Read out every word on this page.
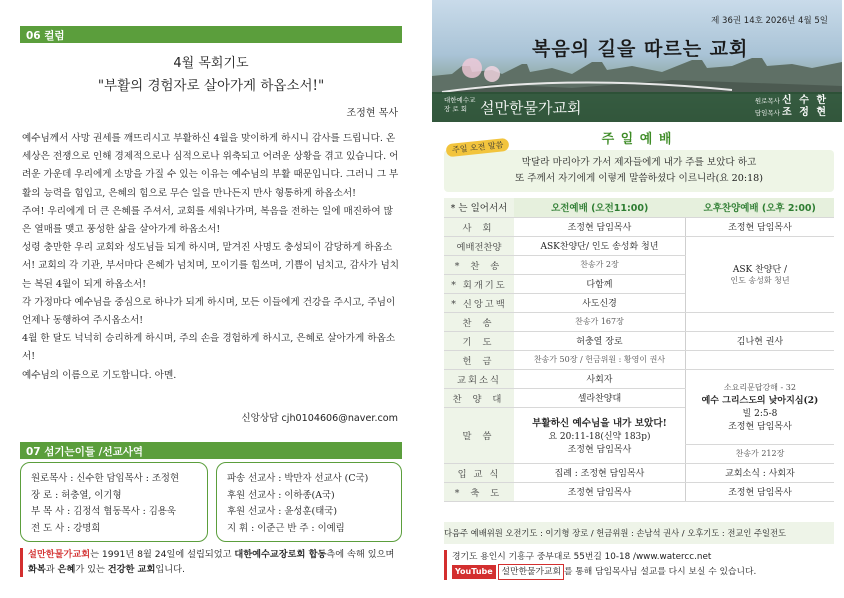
06 컬럼
4월 목회기도
"부활의 경험자로 살아가게 하옵소서!"
조정현 목사

예수님께서 사망 권세를 깨뜨리시고 부활하신 4월을 맞이하게 하시니 감사를 드립니다. 온 세상은 전쟁으로 인해 경제적으로나 심적으로나 위축되고 어려운 상황을 겪고 있습니다. 어려운 가운데 우리에게 소망을 가질 수 있는 이유는 예수님의 부활 때문입니다. 그러니 그 부활의 능력을 힘입고, 은혜의 힘으로 무슨 일을 만나든지 만사 형통하게 하옵소서!

주여! 우리에게 더 큰 은혜를 주셔서, 교회를 세워나가며, 복음을 전하는 일에 매진하여 많은 열매를 맺고 풍성한 삶을 살아가게 하옵소서!

성령 충만한 우리 교회와 성도님들 되게 하시며, 맡겨진 사명도 충성되이 감당하게 하옵소서! 교회의 각 기관, 부서마다 은혜가 넘치며, 모이기를 힘쓰며, 기쁨이 넘치고, 감사가 넘치는 복된 4월이 되게 하옵소서!

각 가정마다 예수님을 중심으로 하나가 되게 하시며, 모든 이들에게 건강을 주시고, 주님이 언제나 동행하여 주시옵소서!

4월 한 달도 넉넉히 승리하게 하시며, 주의 손을 경험하게 하시고, 은혜로 살아가게 하옵소서!

예수님의 이름으로 기도합니다. 아멘.

신앙상담 cjh0104606@naver.com
07 섬기는이들 /선교사역
원로목사 : 신수한 담임목사 : 조정현
장 로 : 허충열, 이기형
부 목 사 : 김정석 협동목사 : 김용욱
전 도 사 : 강명희
파송 선교사 : 박만자 선교사 (C국)
후원 선교사 : 이하종(A국)
후원 선교사 : 윤성훈(태국)
지 휘 : 이준근 반 주 : 이예림
설만한물가교회는 1991년 8월 24일에 설립되었고 대한예수교장로회 합동측에 속해 있으며 화복과 은혜가 있는 건강한 교회입니다.
제 36권 14호 2026년 4월 5일
복음의 길을 따르는 교회
대한예수교
장 로 회 설만한물가교회	원로목사 신 수 한
담임목사 조 정 현
주 일 예 배
막달라 마리아가 가서 제자들에게 내가 주를 보았다 하고
또 주께서 자기에게 이렇게 말씀하셨다 이르니라(요 20:18)
주일 오전 말씀
* 는 일어서서	오전예배 (오전11:00)	오후찬양예배 (오후 2:00)
사 회	조정현 담임목사	조정현 담임목사
예배전찬양	ASK찬양단/ 인도 송성화 청년	ASK 찬양단 /
인도 송성화 청년

* 찬 송	찬송가 2장	
* 회개기도	다함께	
* 신앙고백	사도신경	
찬 송	찬송가 167장	
기 도	허충열 장로	김나현 권사
헌 금	찬송가 50장 / 헌금위원 : 황영이 권사	
교회소식	사회자	소요리문답강해 - 32
예수 그리스도의 낮아지심(2)
빌 2:5-8
조정현 담임목사

찬 양 대	셀라찬양대	
말 씀	부활하신 예수님을 내가 보았다!
요 20:11-18(신약 183p)
조정현 담임목사	

		찬송가 212장
입 교 식	집례 : 조정현 담임목사	교회소식 : 사회자
* 축 도	조정현 담임목사	조정현 담임목사
다음주 예배위원 오전기도 : 이기형 장로 / 헌금위원 : 손남석 권사 / 오후기도 : 전교인 주일전도
경기도 용인시 기흥구 중부대로 55번길 10-18 /www.watercc.net
YouTube 설만한물가교회 를 통해 담임목사님 설교를 다시 보실 수 있습니다.
